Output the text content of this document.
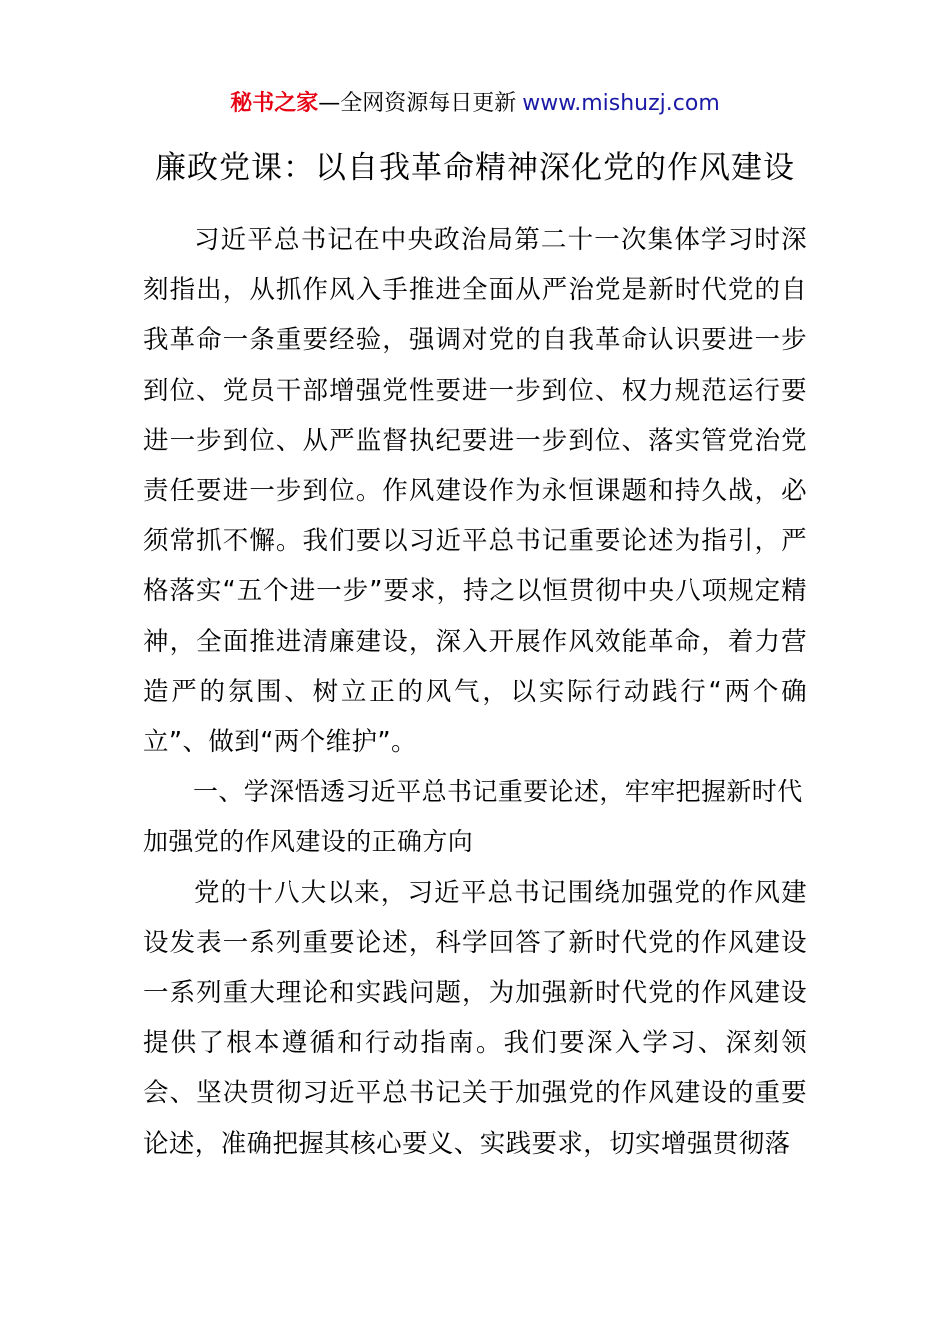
秘书之家—全网资源每日更新 www.mishuzj.com
廉政党课：以自我革命精神深化党的作风建设

习近平总书记在中央政治局第二十一次集体学习时深刻指出，从抓作风入手推进全面从严治党是新时代党的自我革命一条重要经验，强调对党的自我革命认识要进一步到位、党员干部增强党性要进一步到位、权力规范运行要进一步到位、从严监督执纪要进一步到位、落实管党治党责任要进一步到位。作风建设作为永恒课题和持久战，必须常抓不懈。我们要以习近平总书记重要论述为指引，严格落实“五个进一步”要求，持之以恒贯彻中央八项规定精神，全面推进清廉建设，深入开展作风效能革命，着力营造严的氛围、树立正的风气，以实际行动践行“两个确立”、做到“两个维护”。

一、学深悟透习近平总书记重要论述，牢牢把握新时代加强党的作风建设的正确方向

党的十八大以来，习近平总书记围绕加强党的作风建设发表一系列重要论述，科学回答了新时代党的作风建设一系列重大理论和实践问题，为加强新时代党的作风建设提供了根本遵循和行动指南。我们要深入学习、深刻领会、坚决贯彻习近平总书记关于加强党的作风建设的重要论述，准确把握其核心要义、实践要求，切实增强贯彻落
